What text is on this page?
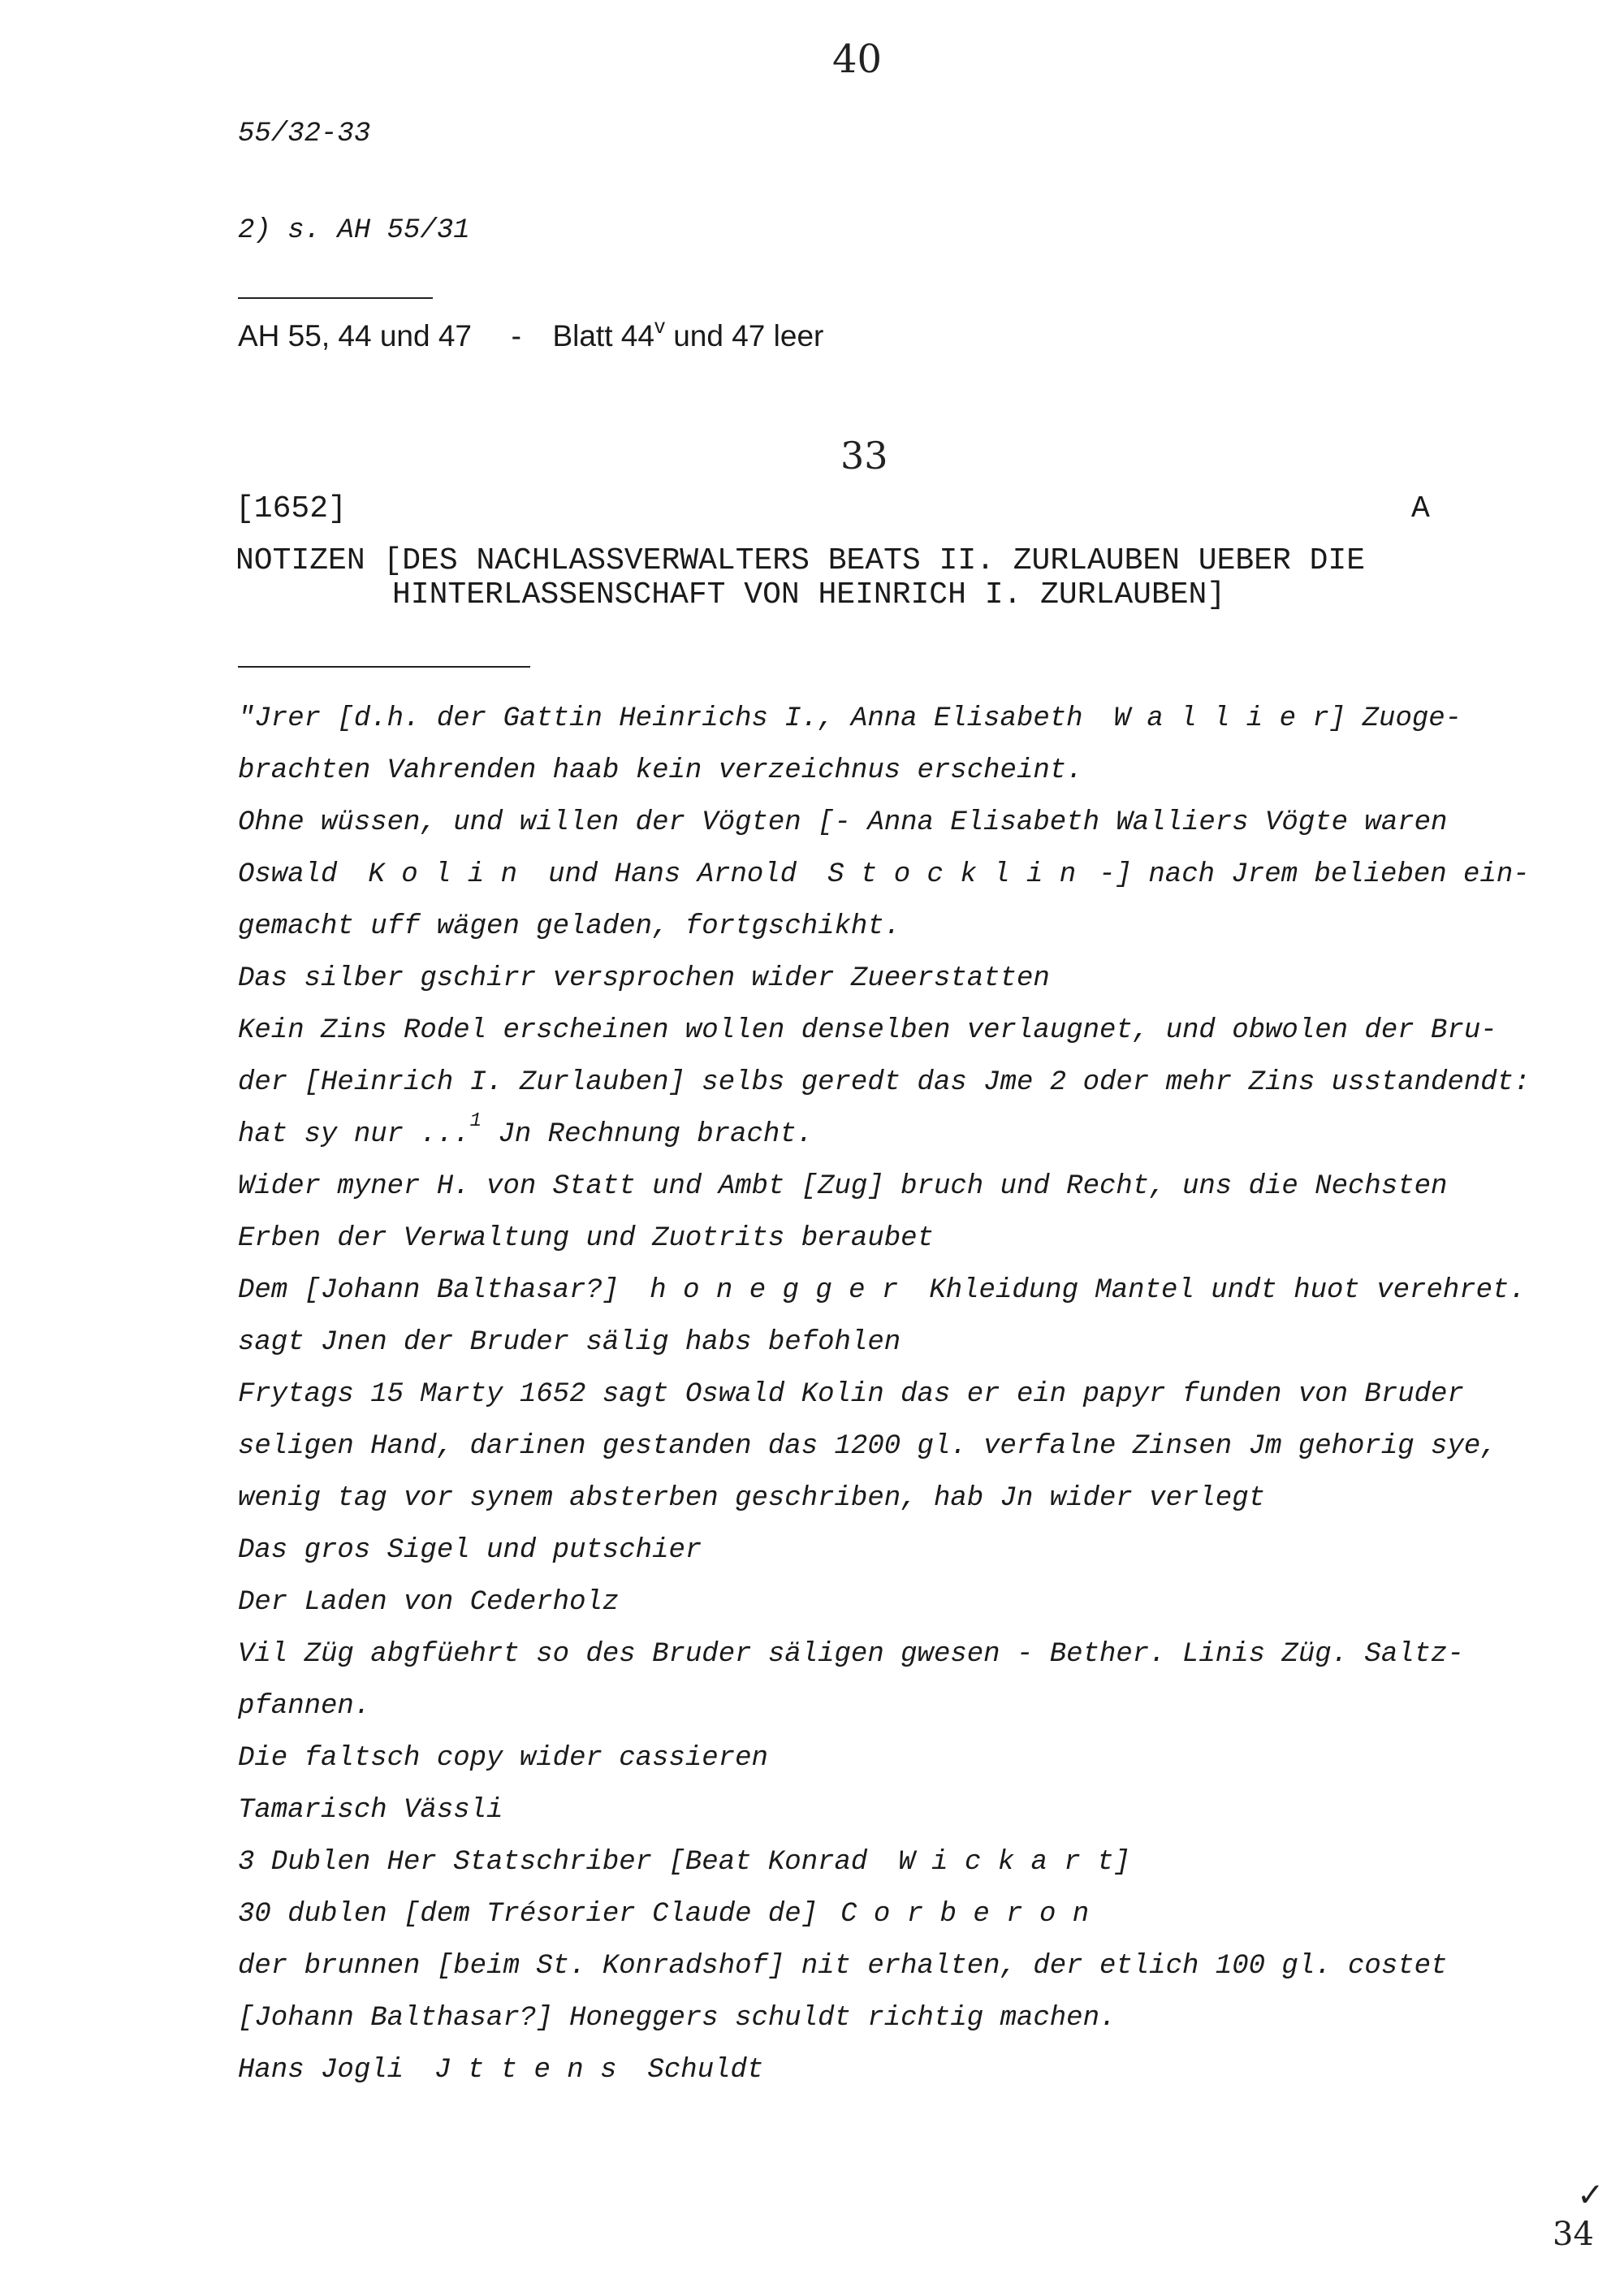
40
55/32-33
2) s. AH 55/31
AH 55, 44 und 47 - Blatt 44$^v$ und 47 leer
33
[1652]	A
NOTIZEN [DES NACHLASSVERWALTERS BEATS II. ZURLAUBEN UEBER DIE
HINTERLASSENSCHAFT VON HEINRICH I. ZURLAUBEN]
"Jrer [d.h. der Gattin Heinrichs I., Anna Elisabeth W a l l i e r] Zuoge-
brachten Vahrenden haab kein verzeichnus erscheint.
Ohne wüssen, und willen der Vögten [- Anna Elisabeth Walliers Vögte waren
Oswald K o l i n und Hans Arnold S t o c k l i n -] nach Jrem belieben ein-
gemacht uff wägen geladen, fortgschikht.
Das silber gschirr versprochen wider Zueerstatten
Kein Zins Rodel erscheinen wollen denselben verlaugnet, und obwolen der Bru-
der [Heinrich I. Zurlauben] selbs geredt das Jme 2 oder mehr Zins usstandendt:
hat sy nur ...$^1$ Jn Rechnung bracht.
Wider myner H. von Statt und Ambt [Zug] bruch und Recht, uns die Nechsten
Erben der Verwaltung und Zuotrits beraubet
Dem [Johann Balthasar?] h o n e g g e r Khleidung Mantel undt huot verehret.
sagt Jnen der Bruder sälig habs befohlen
Frytags 15 Marty 1652 sagt Oswald Kolin das er ein papyr funden von Bruder
seligen Hand, darinen gestanden das 1200 gl. verfalne Zinsen Jm gehorig sye,
wenig tag vor synem absterben geschriben, hab Jn wider verlegt
Das gros Sigel und putschier
Der Laden von Cederholz
Vil Züg abgfüehrt so des Bruder säligen gwesen - Bether. Linis Züg. Saltz-
pfannen.
Die faltsch copy wider cassieren
Tamarisch Vässli
3 Dublen Her Statschriber [Beat Konrad W i c k a r t]
30 dublen [dem Trésorier Claude de] C o r b e r o n
der brunnen [beim St. Konradshof] nit erhalten, der etlich 100 gl. costet
[Johann Balthasar?] Honeggers schuldt richtig machen.
Hans Jogli J t t e n s Schuldt
✓
34
